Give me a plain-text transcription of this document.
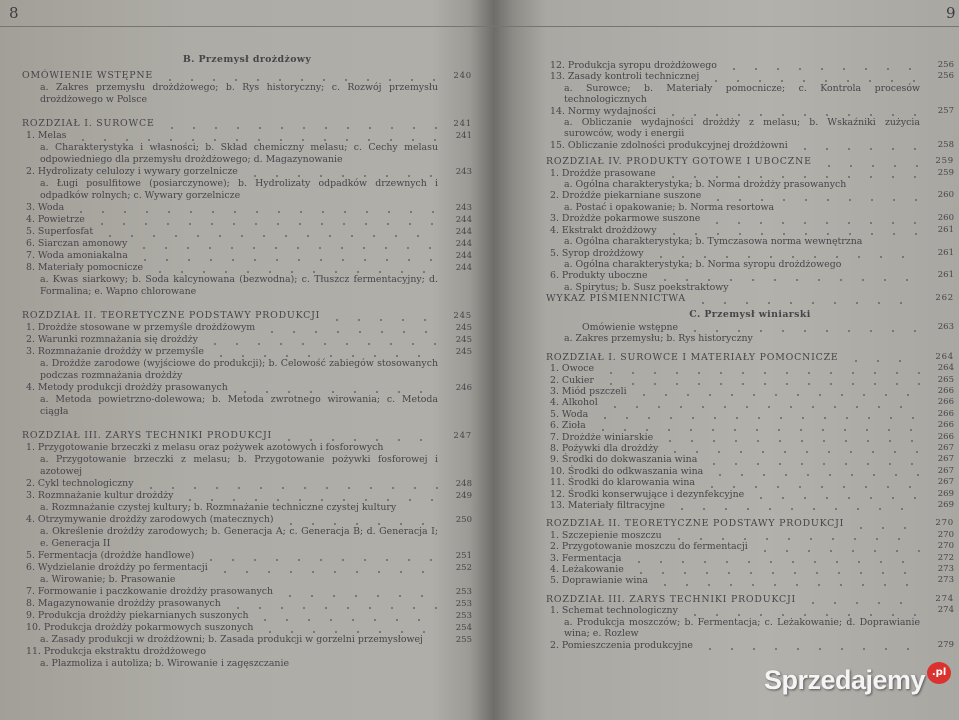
8	9
B. Przemysł drożdżowy
OMÓWIENIE WSTĘPNE	240
a. Zakres przemysłu drożdżowego; b. Rys historyczny; c. Rozwój przemysłu drożdżowego w Polsce
ROZDZIAŁ I. SUROWCE	241
1. Melas	241
a. Charakterystyka i własności; b. Skład chemiczny melasu; c. Cechy melasu odpowiedniego dla przemysłu drożdżowego; d. Magazynowanie
2. Hydrolizaty celulozy i wywary gorzelnicze	243
a. Ługi posulfitowe (posiarczynowe); b. Hydrolizaty odpadków drzewnych i odpadków rolnych; c. Wywary gorzelnicze
3. Woda	243
4. Powietrze	244
5. Superfosfat	244
6. Siarczan amonowy	244
7. Woda amoniakalna	244
8. Materiały pomocnicze	244
a. Kwas siarkowy; b. Soda kalcynowana (bezwodna); c. Tłuszcz fermentacyjny; d. Formalina; e. Wapno chlorowane
ROZDZIAŁ II. TEORETYCZNE PODSTAWY PRODUKCJI	245
1. Drożdże stosowane w przemyśle drożdżowym	245
2. Warunki rozmnażania się drożdży	245
3. Rozmnażanie drożdży w przemyśle	245
a. Drożdże zarodowe (wyjściowe do produkcji); b. Celowość zabiegów stosowanych podczas rozmnażania drożdży
4. Metody produkcji drożdży prasowanych	246
a. Metoda powietrzno-dolewowa; b. Metoda zwrotnego wirowania; c. Metoda ciągła
ROZDZIAŁ III. ZARYS TECHNIKI PRODUKCJI	247
1. Przygotowanie brzeczki z melasu oraz pożywek azotowych i fosforowych
a. Przygotowanie brzeczki z melasu; b. Przygotowanie pożywki fosforowej i azotowej
2. Cykl technologiczny	248
3. Rozmnażanie kultur drożdży	249
a. Rozmnażanie czystej kultury; b. Rozmnażanie techniczne czystej kultury
4. Otrzymywanie drożdży zarodowych (matecznych)	250
a. Określenie drożdży zarodowych; b. Generacja A; c. Generacja B; d. Generacja I; e. Generacja II
5. Fermentacja (drożdże handlowe)	251
6. Wydzielanie drożdży po fermentacji	252
a. Wirowanie; b. Prasowanie
7. Formowanie i paczkowanie drożdży prasowanych	253
8. Magazynowanie drożdży prasowanych	253
9. Produkcja drożdży piekarnianych suszonych	253
10. Produkcja drożdży pokarmowych suszonych	254
a. Zasady produkcji w drożdżowni; b. Zasada produkcji w gorzelni przemysłowej	255
11. Produkcja ekstraktu drożdżowego
a. Plazmoliza i autoliza; b. Wirowanie i zagęszczanie
12. Produkcja syropu drożdżowego	256
13. Zasady kontroli technicznej	256
a. Surowce; b. Materiały pomocnicze; c. Kontrola procesów technologicznych
14. Normy wydajności	257
a. Obliczanie wydajności drożdży z melasu; b. Wskaźniki zużycia surowców, wody i energii
15. Obliczanie zdolności produkcyjnej drożdżowni	258
ROZDZIAŁ IV. PRODUKTY GOTOWE I UBOCZNE	259
1. Drożdże prasowane	259
a. Ogólna charakterystyka; b. Norma drożdży prasowanych
2. Drożdże piekarniane suszone	260
a. Postać i opakowanie; b. Norma resortowa
3. Drożdże pokarmowe suszone	260
4. Ekstrakt drożdżowy	261
a. Ogólna charakterystyka; b. Tymczasowa norma wewnętrzna
5. Syrop drożdżowy	261
a. Ogólna charakterystyka; b. Norma syropu drożdżowego
6. Produkty uboczne	261
a. Spirytus; b. Susz poekstraktowy
WYKAZ PIŚMIENNICTWA	262
C. Przemysł winiarski
Omówienie wstępne	263
a. Zakres przemysłu; b. Rys historyczny
ROZDZIAŁ I. SUROWCE I MATERIAŁY POMOCNICZE	264
1. Owoce	264
2. Cukier	265
3. Miód pszczeli	266
4. Alkohol	266
5. Woda	266
6. Zioła	266
7. Drożdże winiarskie	266
8. Pożywki dla drożdży	267
9. Środki do dokwaszania wina	267
10. Środki do odkwaszania wina	267
11. Środki do klarowania wina	267
12. Środki konserwujące i dezynfekcyjne	269
13. Materiały filtracyjne	269
ROZDZIAŁ II. TEORETYCZNE PODSTAWY PRODUKCJI	270
1. Szczepienie moszczu	270
2. Przygotowanie moszczu do fermentacji	270
3. Fermentacja	272
4. Leżakowanie	273
5. Doprawianie wina	273
ROZDZIAŁ III. ZARYS TECHNIKI PRODUKCJI	274
1. Schemat technologiczny	274
a. Produkcja moszczów; b. Fermentacja; c. Leżakowanie; d. Doprawianie wina; e. Rozlew
2. Pomieszczenia produkcyjne	279
Sprzedajemy .pl
